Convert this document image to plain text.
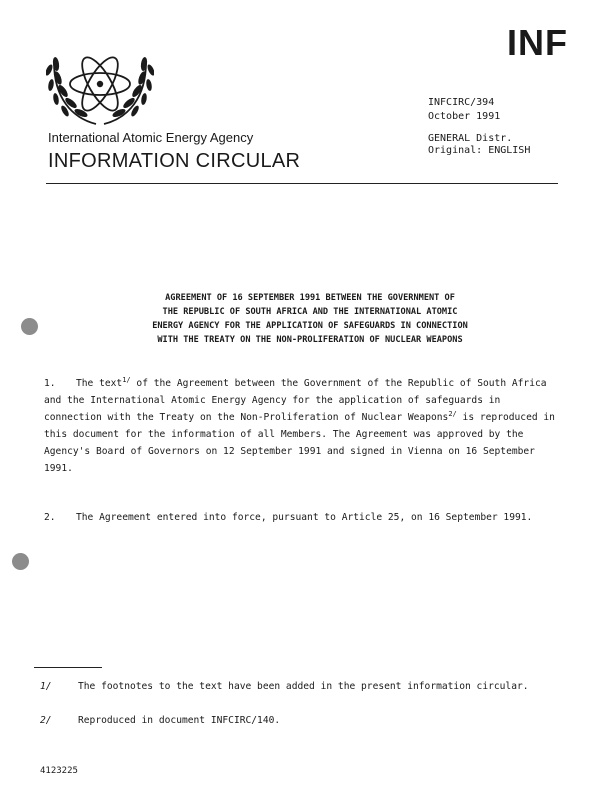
INF
INFCIRC/394
October 1991
GENERAL Distr.
Original: ENGLISH
International Atomic Energy Agency
INFORMATION CIRCULAR
AGREEMENT OF 16 SEPTEMBER 1991 BETWEEN THE GOVERNMENT OF
THE REPUBLIC OF SOUTH AFRICA AND THE INTERNATIONAL ATOMIC
ENERGY AGENCY FOR THE APPLICATION OF SAFEGUARDS IN CONNECTION
WITH THE TREATY ON THE NON-PROLIFERATION OF NUCLEAR WEAPONS
1. The text$^{1/}$ of the Agreement between the Government of the Republic of South Africa and the International Atomic Energy Agency for the application of safeguards in connection with the Treaty on the Non-Proliferation of Nuclear Weapons$^{2/}$ is reproduced in this document for the information of all Members. The Agreement was approved by the Agency's Board of Governors on 12 September 1991 and signed in Vienna on 16 September 1991.
2. The Agreement entered into force, pursuant to Article 25, on 16 September 1991.
1/	The footnotes to the text have been added in the present information circular.
2/	Reproduced in document INFCIRC/140.
4123225
